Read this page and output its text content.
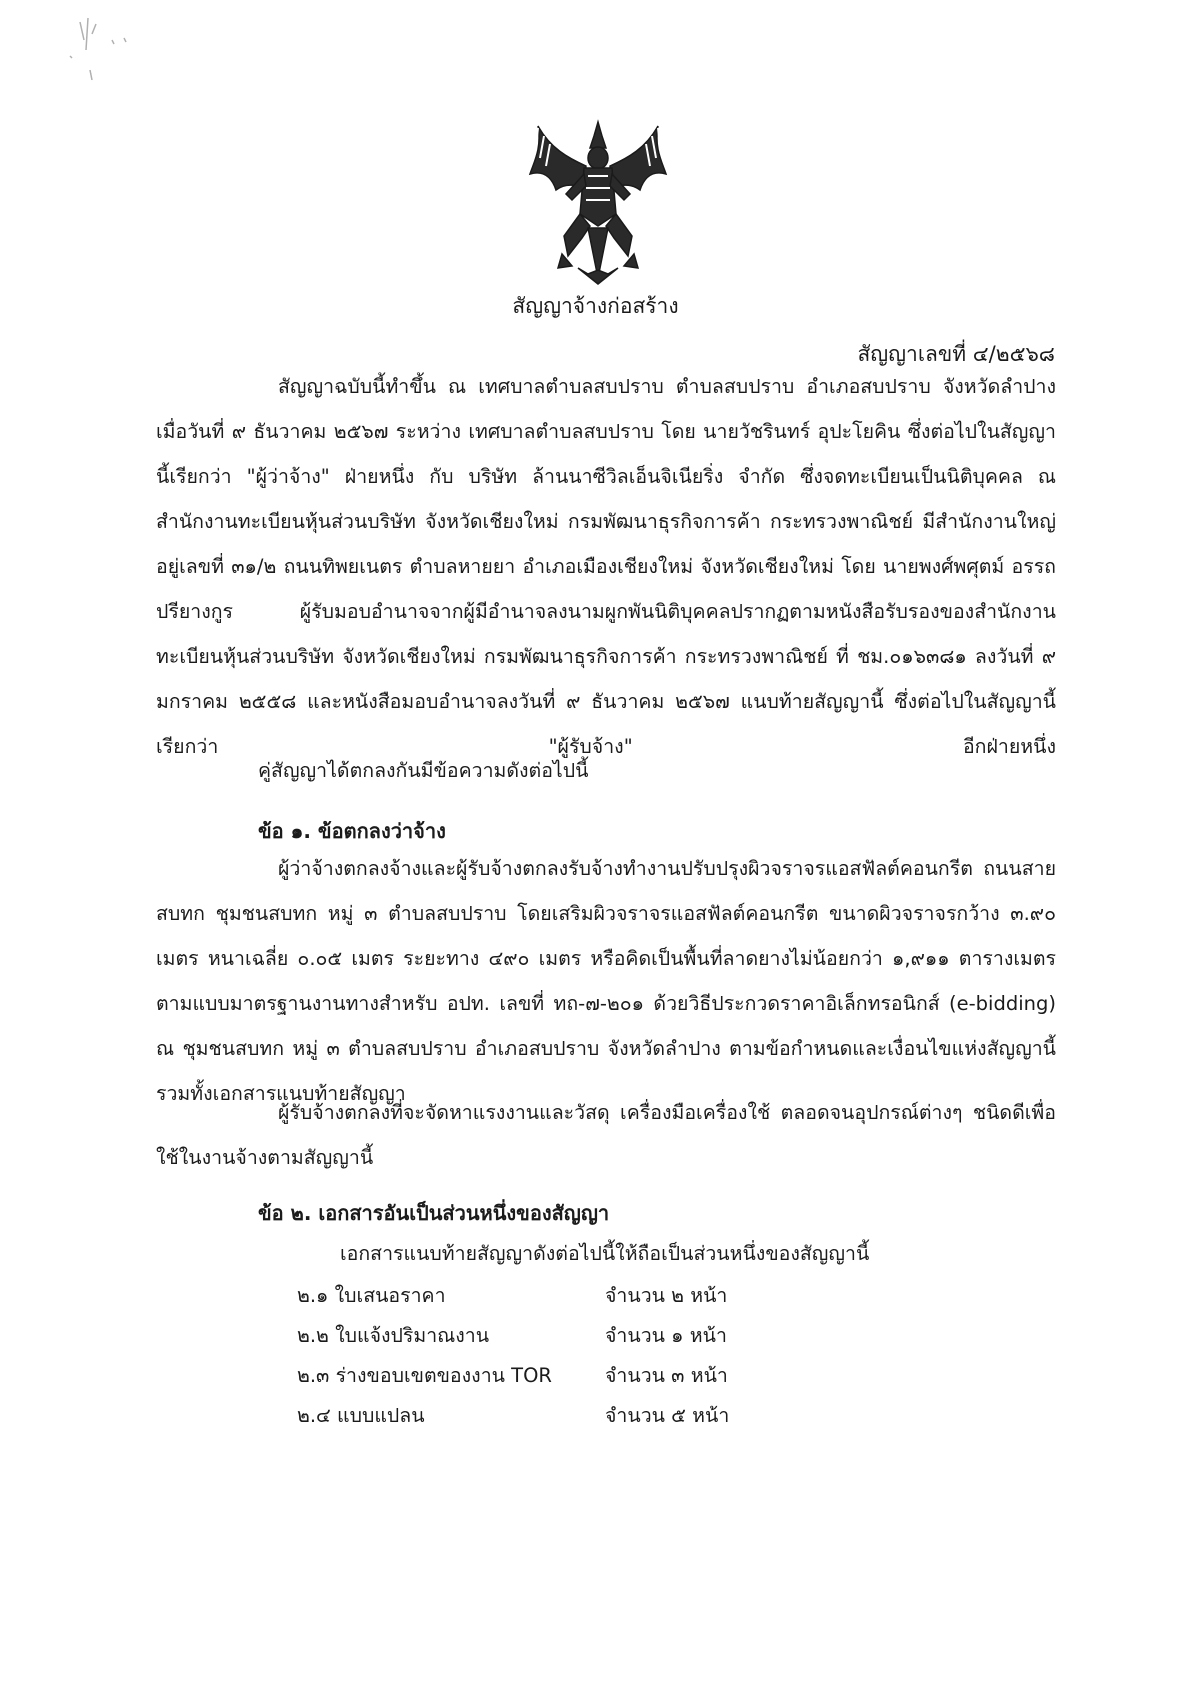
สัญญาจ้างก่อสร้าง
สัญญาเลขที่ ๔/๒๕๖๘
สัญญาฉบับนี้ทำขึ้น ณ เทศบาลตำบลสบปราบ ตำบลสบปราบ อำเภอสบปราบ จังหวัดลำปาง เมื่อวันที่ ๙ ธันวาคม ๒๕๖๗ ระหว่าง เทศบาลตำบลสบปราบ โดย นายวัชรินทร์ อุปะโยคิน ซึ่งต่อไปในสัญญานี้เรียกว่า "ผู้ว่าจ้าง" ฝ่ายหนึ่ง กับ บริษัท ล้านนาซีวิลเอ็นจิเนียริ่ง จำกัด ซึ่งจดทะเบียนเป็นนิติบุคคล ณ สำนักงานทะเบียนหุ้นส่วนบริษัท จังหวัดเชียงใหม่ กรมพัฒนาธุรกิจการค้า กระทรวงพาณิชย์ มีสำนักงานใหญ่อยู่เลขที่ ๓๑/๒ ถนนทิพยเนตร ตำบลหายยา อำเภอเมืองเชียงใหม่ จังหวัดเชียงใหม่ โดย นายพงศ์พศุตม์ อรรถปรียางกูร ผู้รับมอบอำนาจจากผู้มีอำนาจลงนามผูกพันนิติบุคคลปรากฏตามหนังสือรับรองของสำนักงานทะเบียนหุ้นส่วนบริษัท จังหวัดเชียงใหม่ กรมพัฒนาธุรกิจการค้า กระทรวงพาณิชย์ ที่ ชม.๐๑๖๓๘๑ ลงวันที่ ๙ มกราคม ๒๕๕๘ และหนังสือมอบอำนาจลงวันที่ ๙ ธันวาคม ๒๕๖๗ แนบท้ายสัญญานี้ ซึ่งต่อไปในสัญญานี้เรียกว่า "ผู้รับจ้าง" อีกฝ่ายหนึ่ง
คู่สัญญาได้ตกลงกันมีข้อความดังต่อไปนี้
ข้อ ๑. ข้อตกลงว่าจ้าง
ผู้ว่าจ้างตกลงจ้างและผู้รับจ้างตกลงรับจ้างทำงานปรับปรุงผิวจราจรแอสฟัลต์คอนกรีต ถนนสายสบทก ชุมชนสบทก หมู่ ๓ ตำบลสบปราบ โดยเสริมผิวจราจรแอสฟัลต์คอนกรีต ขนาดผิวจราจรกว้าง ๓.๙๐ เมตร หนาเฉลี่ย ๐.๐๕ เมตร ระยะทาง ๔๙๐ เมตร หรือคิดเป็นพื้นที่ลาดยางไม่น้อยกว่า ๑,๙๑๑ ตารางเมตร ตามแบบมาตรฐานงานทางสำหรับ อปท. เลขที่ ทถ-๗-๒๐๑ ด้วยวิธีประกวดราคาอิเล็กทรอนิกส์ (e-bidding) ณ ชุมชนสบทก หมู่ ๓ ตำบลสบปราบ อำเภอสบปราบ จังหวัดลำปาง ตามข้อกำหนดและเงื่อนไขแห่งสัญญานี้รวมทั้งเอกสารแนบท้ายสัญญา
ผู้รับจ้างตกลงที่จะจัดหาแรงงานและวัสดุ เครื่องมือเครื่องใช้ ตลอดจนอุปกรณ์ต่างๆ ชนิดดีเพื่อใช้ในงานจ้างตามสัญญานี้
ข้อ ๒. เอกสารอันเป็นส่วนหนึ่งของสัญญา
เอกสารแนบท้ายสัญญาดังต่อไปนี้ให้ถือเป็นส่วนหนึ่งของสัญญานี้
๒.๑ ใบเสนอราคา	จำนวน ๒ หน้า
๒.๒ ใบแจ้งปริมาณงาน	จำนวน ๑ หน้า
๒.๓ ร่างขอบเขตของงาน TOR	จำนวน ๓ หน้า
๒.๔ แบบแปลน	จำนวน ๕ หน้า
